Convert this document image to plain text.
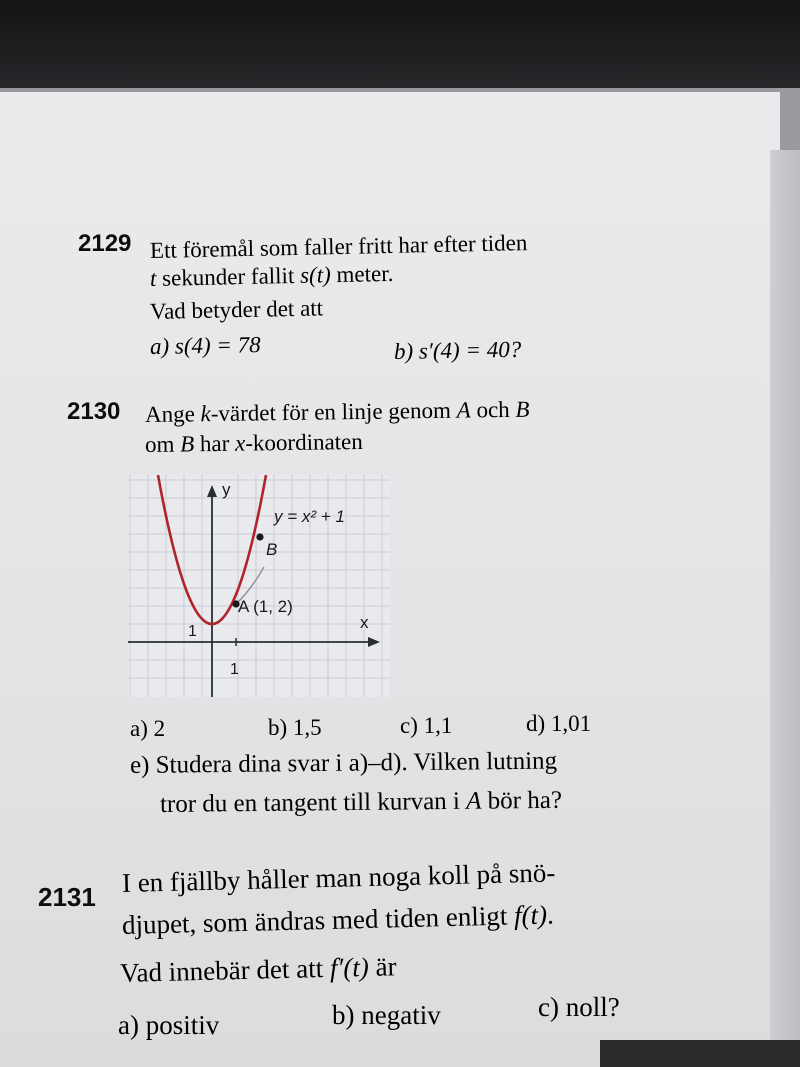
2129 Ett föremål som faller fritt har efter tiden
t sekunder fallit s(t) meter.
Vad betyder det att
a) s(4) = 78	b) s′(4) = 40?
2130 Ange k-värdet för en linje genom A och B
om B har x-koordinaten
y
x
y = x² + 1
B
A (1, 2)
1
1
a) 2	b) 1,5	c) 1,1	d) 1,01
e) Studera dina svar i a)–d). Vilken lutning
tror du en tangent till kurvan i A bör ha?
2131 I en fjällby håller man noga koll på snö-
djupet, som ändras med tiden enligt f(t).
Vad innebär det att f′(t) är
a) positiv	b) negativ	c) noll?
